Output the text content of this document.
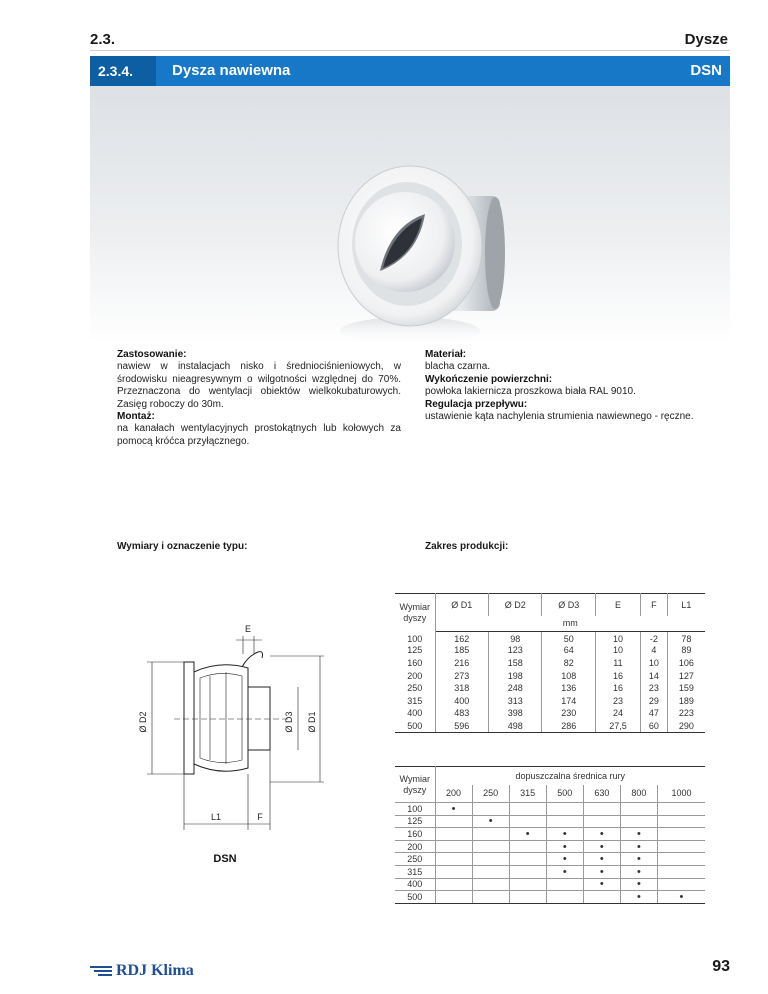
2.3.	Dysze
2.3.4.	Dysza nawiewna	DSN
Zastosowanie:
nawiew w instalacjach nisko i średniociśnieniowych, w środowisku nieagresywnym o wilgotności względnej do 70%. Przeznaczona do wentylacji obiektów wielkokubaturowych. Zasięg roboczy do 30m.
Montaż:
na kanałach wentylacyjnych prostokątnych lub kołowych za pomocą króćca przyłącznego.
Materiał:
blacha czarna.
Wykończenie powierzchni:
powłoka lakiernicza proszkowa biała RAL 9010.
Regulacja przepływu:
ustawienie kąta nachylenia strumienia nawiewnego - ręczne.
Wymiary i oznaczenie typu:	Zakres produkcji:
E
Ø D2	Ø D3 Ø D1
L1	F
DSN
Wymiar dyszy	Ø D1	Ø D2	Ø D3	E	F	L1
	mm					
100	162	98	50	10	-2	78
125	185	123	64	10	4	89
160	216	158	82	11	10	106
200	273	198	108	16	14	127
250	318	248	136	16	23	159
315	400	313	174	23	29	189
400	483	398	230	24	47	223
500	596	498	286	27,5	60	290
Wymiar dyszy	dopuszczalna średnica rury						
	200	250	315	500	630	800	1000
100	•						
125		•					
160			•	•	•	•	
200				•	•	•	
250				•	•	•	
315				•	•	•	
400					•	•	
500						•	•
RDJ Klima	93
